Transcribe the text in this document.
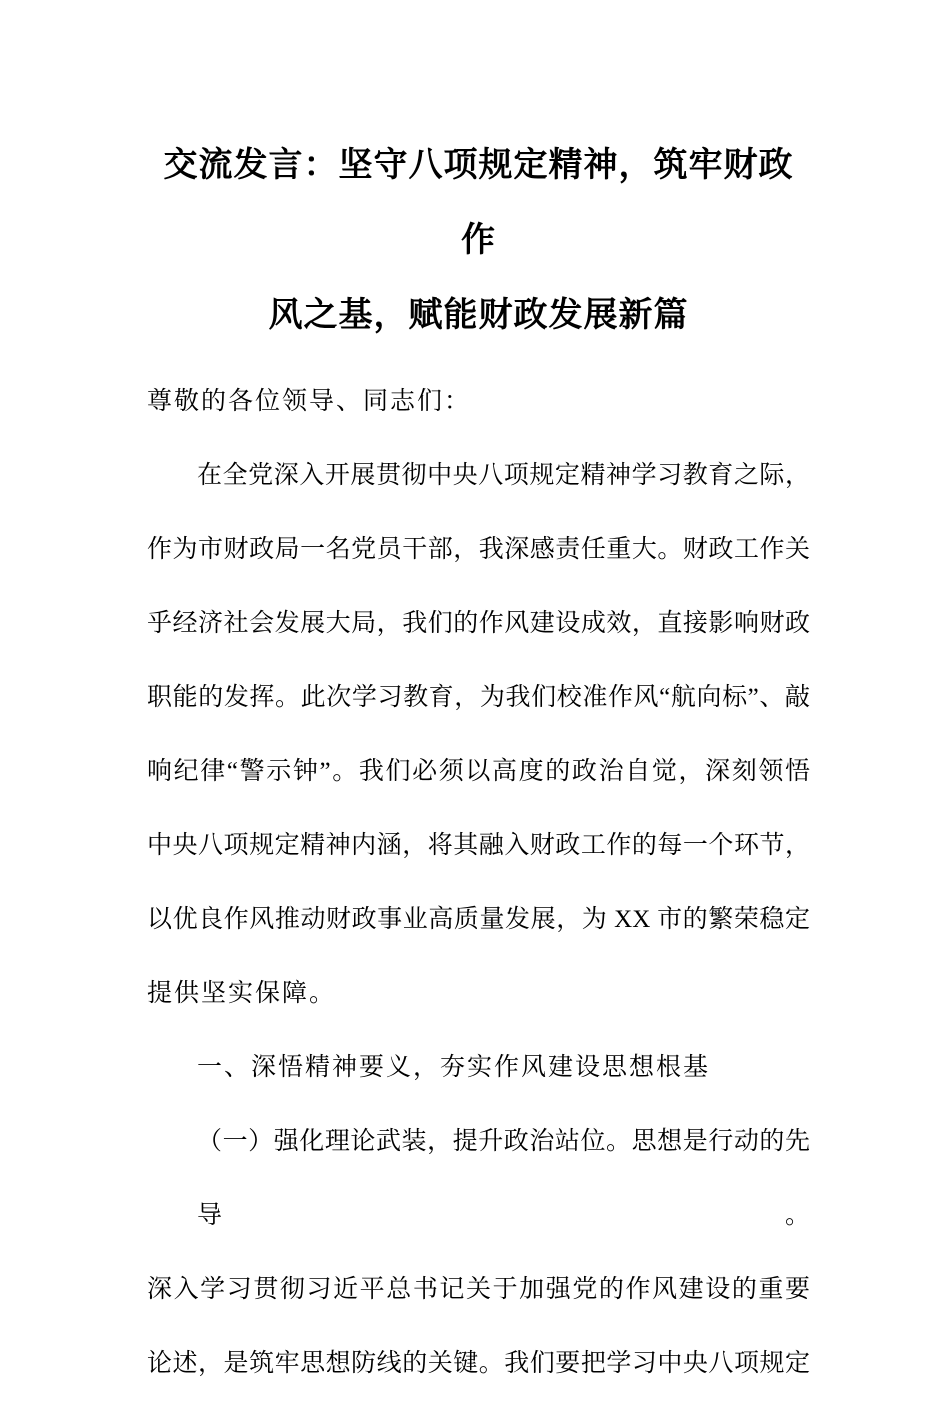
交流发言：坚守八项规定精神，筑牢财政作
风之基，赋能财政发展新篇
尊敬的各位领导、同志们：
在全党深入开展贯彻中央八项规定精神学习教育之际，
作为市财政局一名党员干部，我深感责任重大。财政工作关
乎经济社会发展大局，我们的作风建设成效，直接影响财政
职能的发挥。此次学习教育，为我们校准作风“航向标”、敲
响纪律“警示钟”。我们必须以高度的政治自觉，深刻领悟
中央八项规定精神内涵，将其融入财政工作的每一个环节，
以优良作风推动财政事业高质量发展，为 XX 市的繁荣稳定
提供坚实保障。
一、深悟精神要义，夯实作风建设思想根基
（一）强化理论武装，提升政治站位。思想是行动的先导。
深入学习贯彻习近平总书记关于加强党的作风建设的重要
论述，是筑牢思想防线的关键。我们要把学习中央八项规定
